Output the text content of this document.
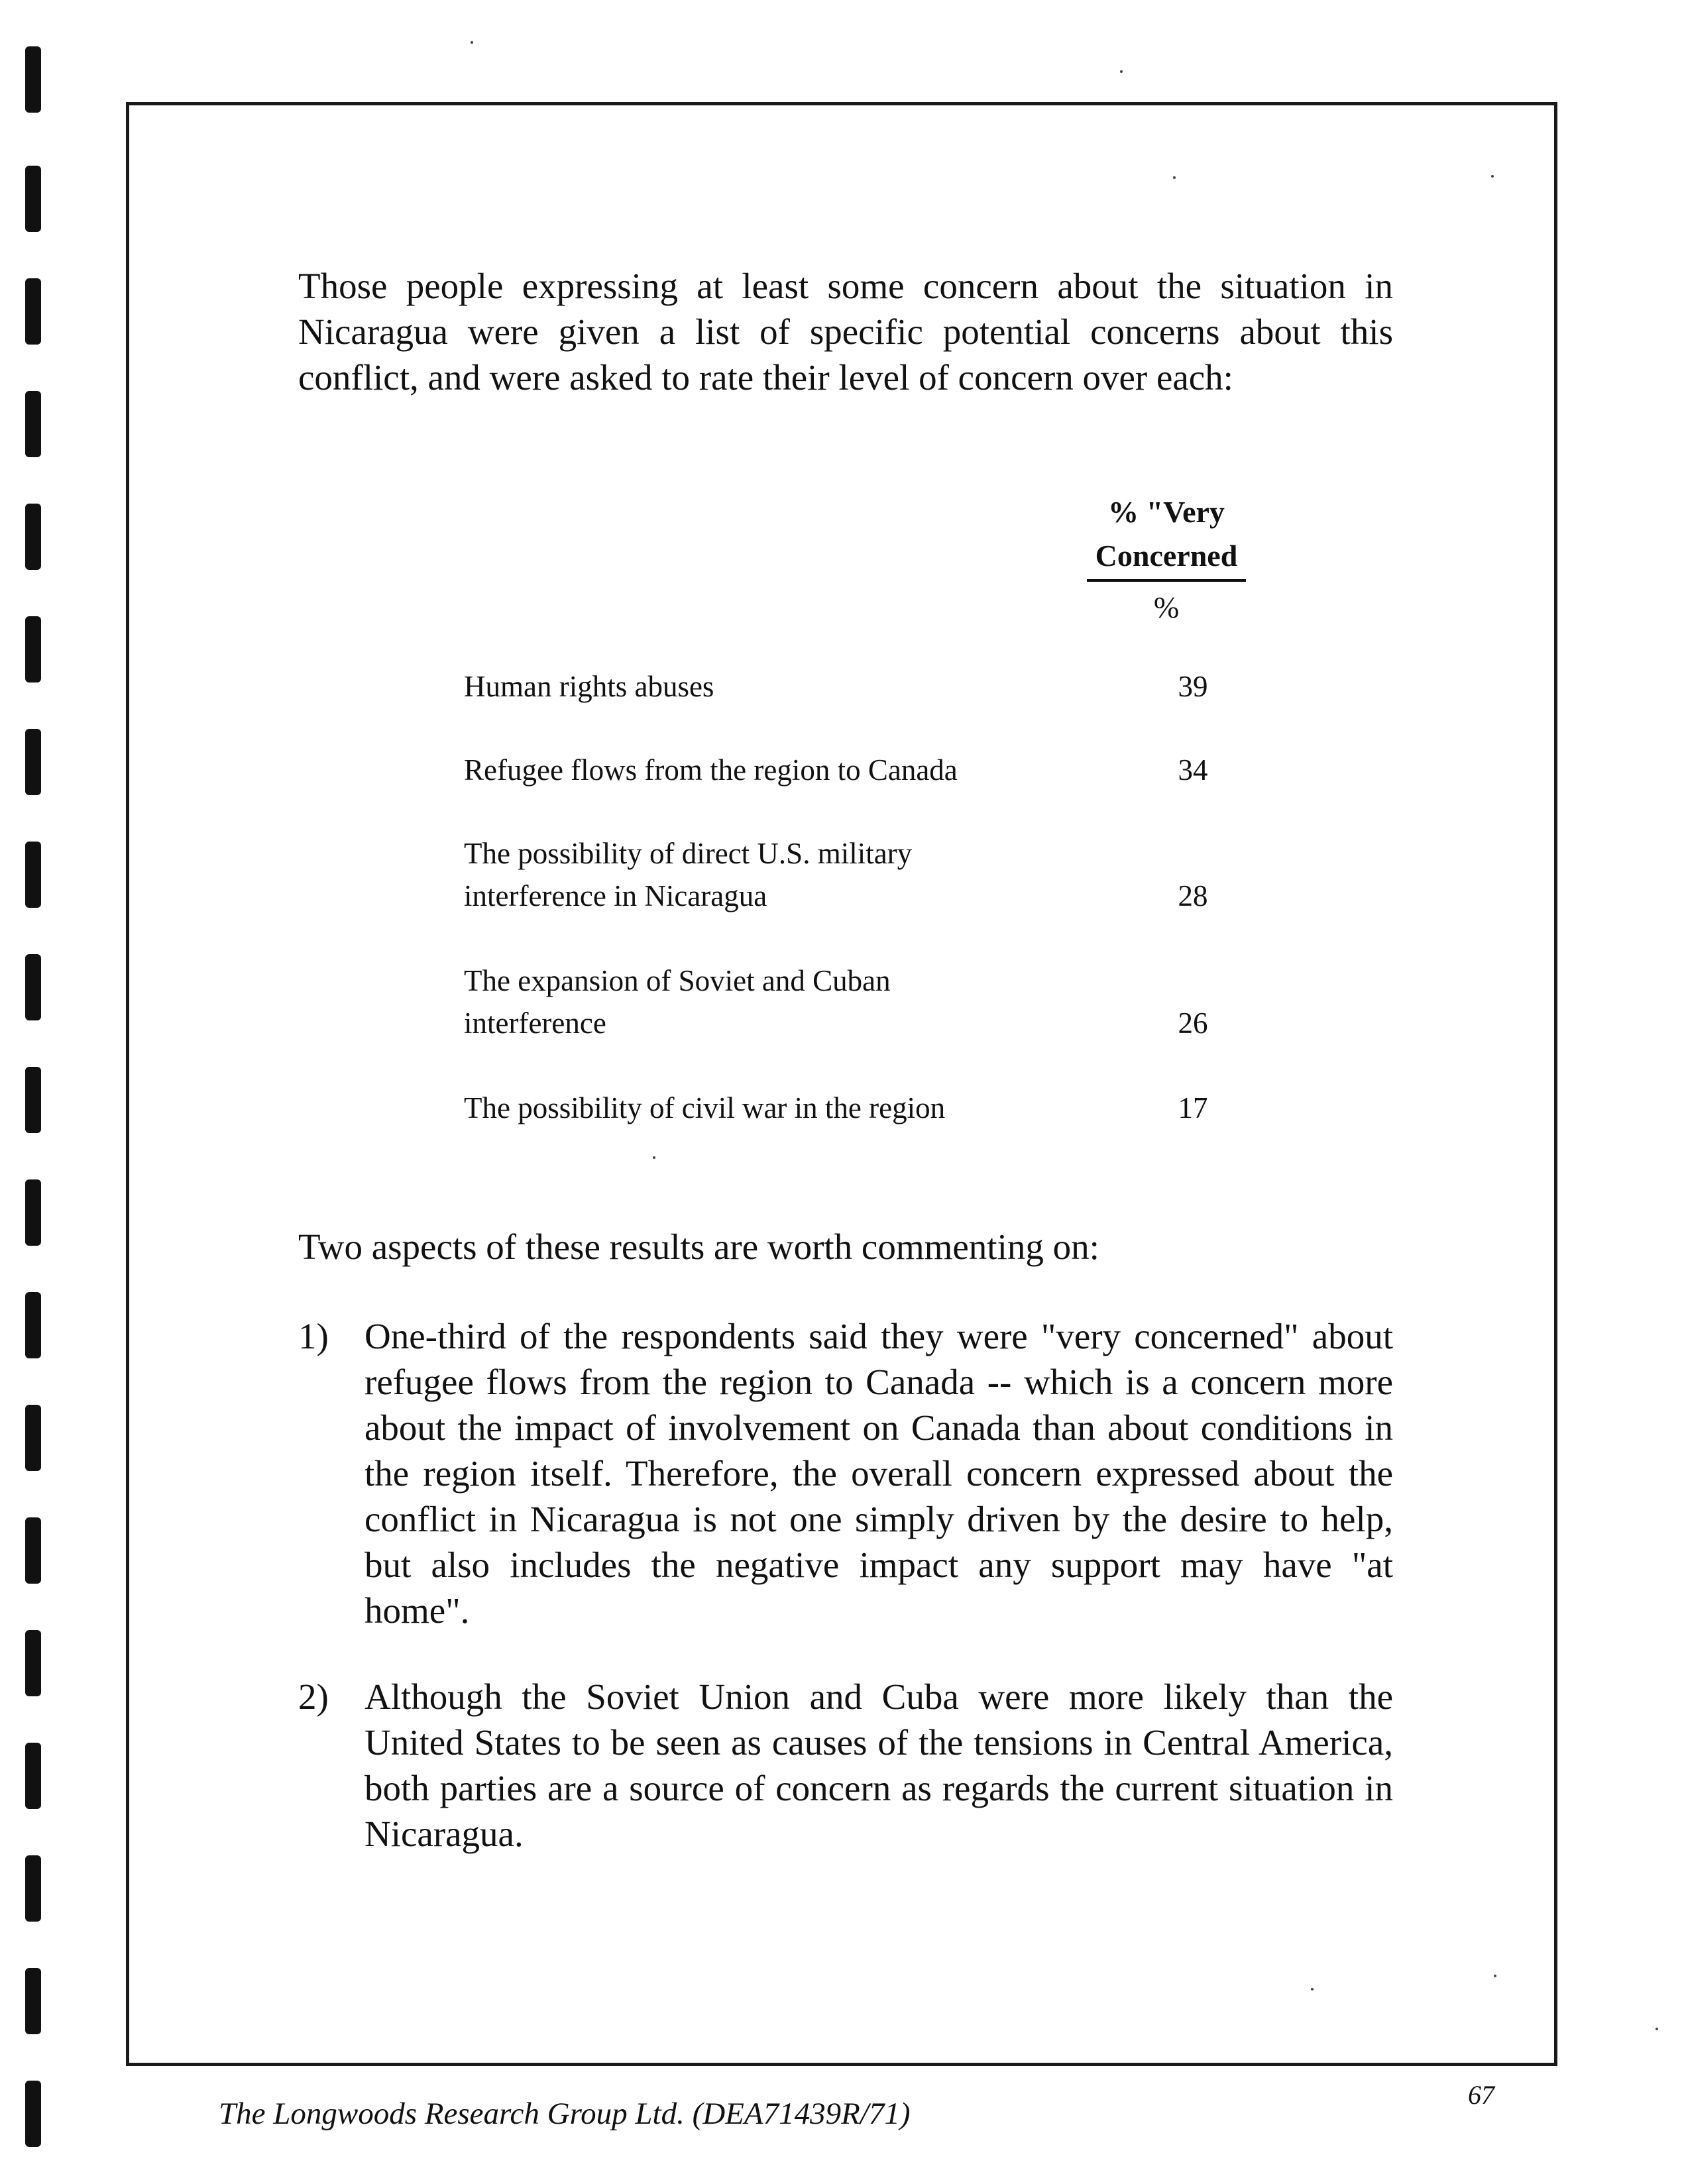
Those people expressing at least some concern about the situation in Nicaragua were given a list of specific potential concerns about this conflict, and were asked to rate their level of concern over each:

% "Very
Concerned
%
Human rights abuses	39
Refugee flows from the region to Canada	34
The possibility of direct U.S. military
interference in Nicaragua	28
The expansion of Soviet and Cuban
interference	26
The possibility of civil war in the region	17

Two aspects of these results are worth commenting on:

1) One-third of the respondents said they were "very concerned" about refugee flows from the region to Canada -- which is a concern more about the impact of involvement on Canada than about conditions in the region itself. Therefore, the overall concern expressed about the conflict in Nicaragua is not one simply driven by the desire to help, but also includes the negative impact any support may have "at home".
2) Although the Soviet Union and Cuba were more likely than the United States to be seen as causes of the tensions in Central America, both parties are a source of concern as regards the current situation in Nicaragua.
The Longwoods Research Group Ltd. (DEA71439R/71)
67
